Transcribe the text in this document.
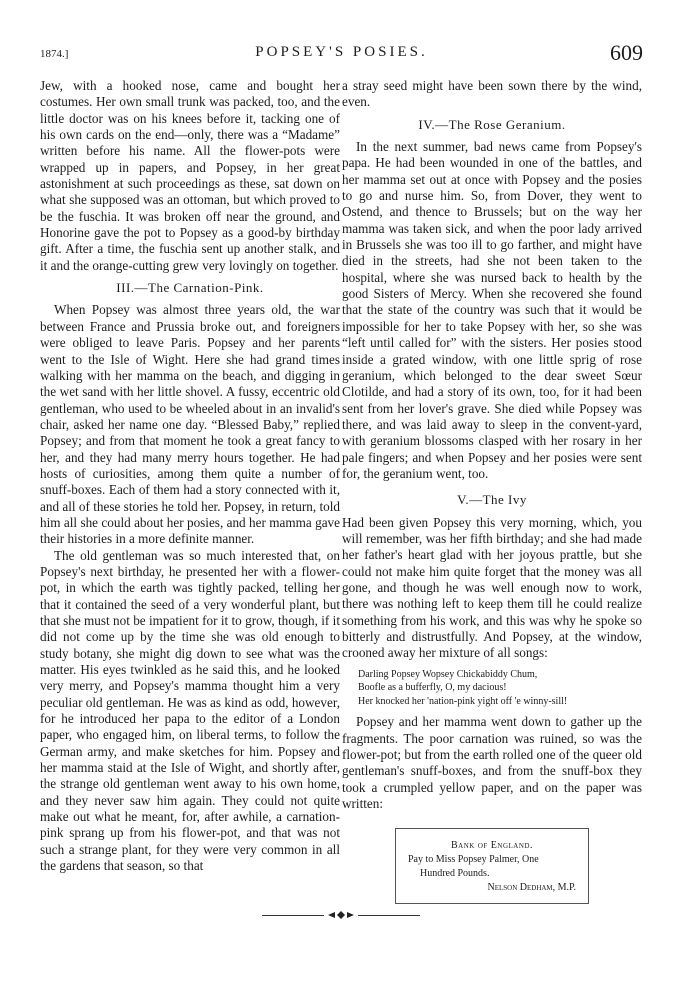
1874.]	POPSEY'S POSIES.	609

Jew, with a hooked nose, came and bought her costumes. Her own small trunk was packed, too, and the little doctor was on his knees before it, tacking one of his own cards on the end—only, there was a “Madame” written before his name. All the flower-pots were wrapped up in papers, and Popsey, in her great astonishment at such proceedings as these, sat down on what she supposed was an ottoman, but which proved to be the fuschia. It was broken off near the ground, and Honorine gave the pot to Popsey as a good-by birthday gift. After a time, the fuschia sent up another stalk, and it and the orange-cutting grew very lovingly on together.

III.—The Carnation-Pink.

When Popsey was almost three years old, the war between France and Prussia broke out, and foreigners were obliged to leave Paris. Popsey and her parents went to the Isle of Wight. Here she had grand times walking with her mamma on the beach, and digging in the wet sand with her little shovel. A fussy, eccentric old gentleman, who used to be wheeled about in an invalid's chair, asked her name one day. “Blessed Baby,” replied Popsey; and from that moment he took a great fancy to her, and they had many merry hours together. He had hosts of curiosities, among them quite a number of snuff-boxes. Each of them had a story connected with it, and all of these stories he told her. Popsey, in return, told him all she could about her posies, and her mamma gave their histories in a more definite manner.

The old gentleman was so much interested that, on Popsey's next birthday, he presented her with a flower-pot, in which the earth was tightly packed, telling her that it contained the seed of a very wonderful plant, but that she must not be impatient for it to grow, though, if it did not come up by the time she was old enough to study botany, she might dig down to see what was the matter. His eyes twinkled as he said this, and he looked very merry, and Popsey's mamma thought him a very peculiar old gentleman. He was as kind as odd, however, for he introduced her papa to the editor of a London paper, who engaged him, on liberal terms, to follow the German army, and make sketches for him. Popsey and her mamma staid at the Isle of Wight, and shortly after, the strange old gentleman went away to his own home, and they never saw him again. They could not quite make out what he meant, for, after awhile, a carnation-pink sprang up from his flower-pot, and that was not such a strange plant, for they were very common in all the gardens that season, so that

a stray seed might have been sown there by the wind, even.

IV.—The Rose Geranium.

In the next summer, bad news came from Popsey's papa. He had been wounded in one of the battles, and her mamma set out at once with Popsey and the posies to go and nurse him. So, from Dover, they went to Ostend, and thence to Brussels; but on the way her mamma was taken sick, and when the poor lady arrived in Brussels she was too ill to go farther, and might have died in the streets, had she not been taken to the hospital, where she was nursed back to health by the good Sisters of Mercy. When she recovered she found that the state of the country was such that it would be impossible for her to take Popsey with her, so she was “left until called for” with the sisters. Her posies stood inside a grated window, with one little sprig of rose geranium, which belonged to the dear sweet Sœur Clotilde, and had a story of its own, too, for it had been sent from her lover's grave. She died while Popsey was there, and was laid away to sleep in the convent-yard, with geranium blossoms clasped with her rosary in her pale fingers; and when Popsey and her posies were sent for, the geranium went, too.

V.—The Ivy

Had been given Popsey this very morning, which, you will remember, was her fifth birthday; and she had made her father's heart glad with her joyous prattle, but she could not make him quite forget that the money was all gone, and though he was well enough now to work, there was nothing left to keep them till he could realize something from his work, and this was why he spoke so bitterly and distrustfully. And Popsey, at the window, crooned away her mixture of all songs:

Darling Popsey Wopsey Chickabiddy Chum,
Boofle as a bufferfly, O, my dacious!
Her knocked her 'nation-pink yight off 'e winny-sill!

Popsey and her mamma went down to gather up the fragments. The poor carnation was ruined, so was the flower-pot; but from the earth rolled one of the queer old gentleman's snuff-boxes, and from the snuff-box they took a crumpled yellow paper, and on the paper was written:

Bank of England.
Pay to Miss Popsey Palmer, One
Hundred Pounds.
Nelson Dedham, M.P.
